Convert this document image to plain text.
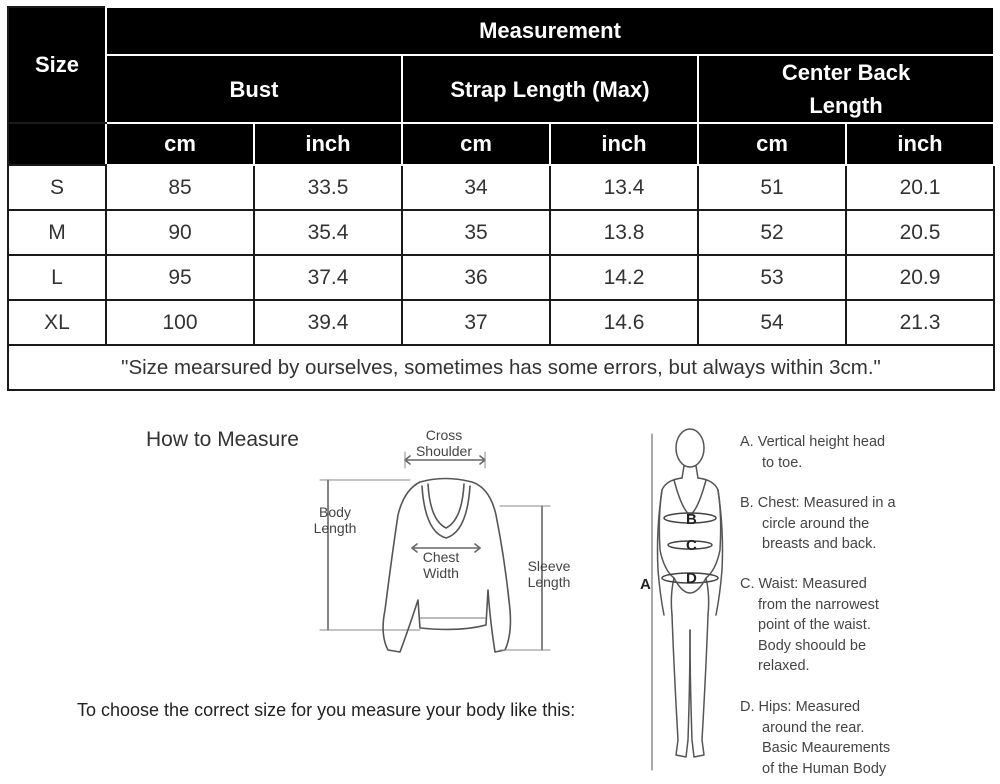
Size	Measurement					
	Bust		Strap Length (Max)		Center Back Length	
	cm	inch	cm	inch	cm	inch
S	85	33.5	34	13.4	51	20.1
M	90	35.4	35	13.8	52	20.5
L	95	37.4	36	14.2	53	20.9
XL	100	39.4	37	14.6	54	21.3
"Size mearsured by ourselves, sometimes has some errors, but always within 3cm."						
How to Measure	Cross Shoulder
Body Length
Chest Width	Sleeve Length
To choose the correct size for you measure your body like this:
A
B
C
D
A. Vertical height head
to toe.
B. Chest: Measured in a
circle around the
breasts and back.
C. Waist: Measured
from the narrowest
point of the waist.
Body shoould be
relaxed.
D. Hips: Measured
around the rear.
Basic Meaurements
of the Human Body
